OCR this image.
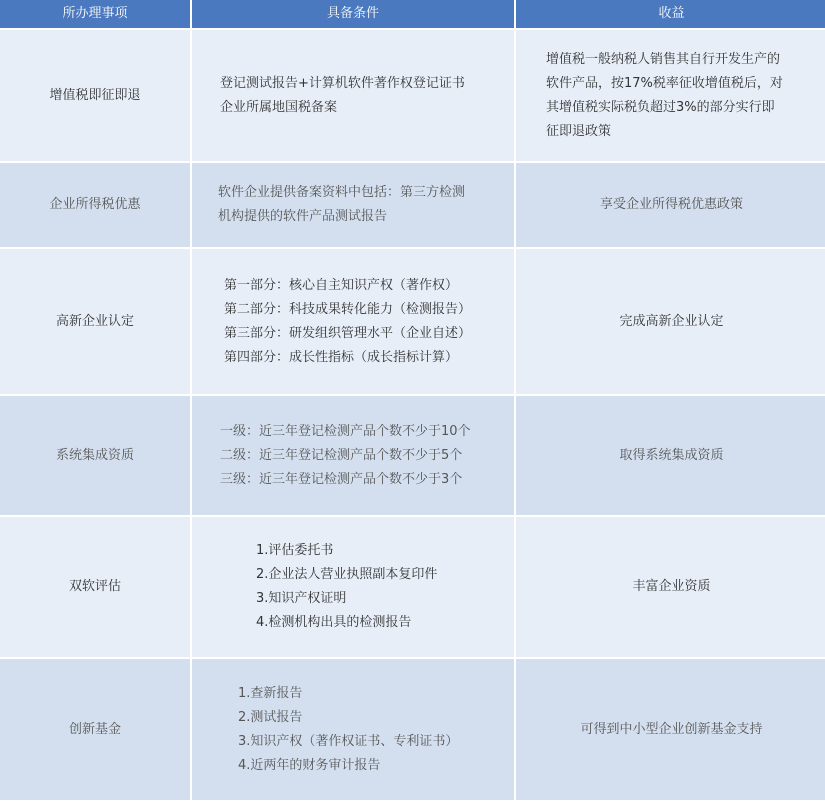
所办理事项	具备条件	收益
增值税即征即退
登记测试报告+计算机软件著作权登记证书
企业所属地国税备案
增值税一般纳税人销售其自行开发生产的
软件产品，按17%税率征收增值税后，对
其增值税实际税负超过3%的部分实行即
征即退政策
企业所得税优惠
软件企业提供备案资料中包括：第三方检测
机构提供的软件产品测试报告
享受企业所得税优惠政策
高新企业认定
第一部分：核心自主知识产权（著作权）
第二部分：科技成果转化能力（检测报告）
第三部分：研发组织管理水平（企业自述）
第四部分：成长性指标（成长指标计算）
完成高新企业认定
系统集成资质
一级：近三年登记检测产品个数不少于10个
二级：近三年登记检测产品个数不少于5个
三级：近三年登记检测产品个数不少于3个
取得系统集成资质
双软评估
1.评估委托书
2.企业法人营业执照副本复印件
3.知识产权证明
4.检测机构出具的检测报告
丰富企业资质
创新基金
1.查新报告
2.测试报告
3.知识产权（著作权证书、专利证书）
4.近两年的财务审计报告
可得到中小型企业创新基金支持
